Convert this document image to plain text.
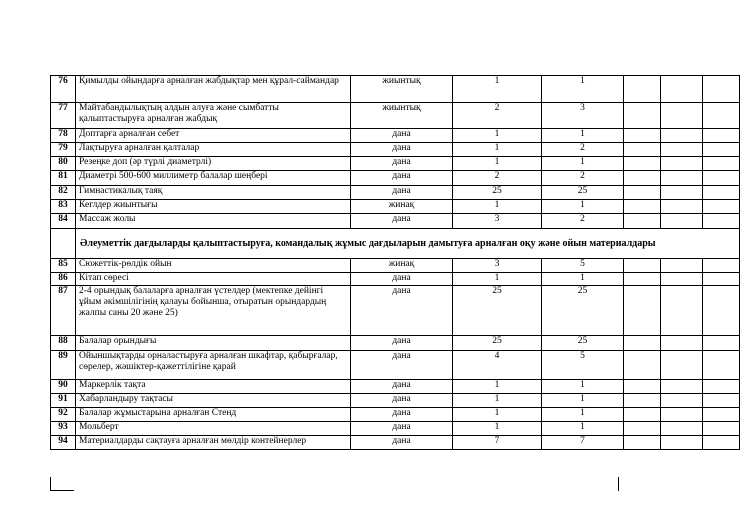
76	Қимылды ойындарға арналған жабдықтар мен құрал-саймандар	жиынтық	1	1			
77	Майтабандылықтың алдын алуға және сымбатты қалыптастыруға арналған жабдық	жиынтық	2	3			
78	Доптарға арналған себет	дана	1	1			
79	Лақтыруға арналған қалталар	дана	1	2			
80	Резеңке доп (әр түрлі диаметрлі)	дана	1	1			
81	Диаметрі 500-600 миллиметр балалар шеңбері	дана	2	2			
82	Гимнастикалық таяқ	дана	25	25			
83	Кеглдер жиынтығы	жинақ	1	1			
84	Массаж жолы	дана	3	2			
	Әлеуметтік дағдыларды қалыптастыруға, командалық жұмыс дағдыларын дамытуға арналған оқу және ойын материалдары						
85	Сюжеттік-рөлдік ойын	жинақ	3	5			
86	Кітап сөресі	дана	1	1			
87	2-4 орындық балаларға арналған үстелдер (мектепке дейінгі ұйым әкімшілігінің қалауы бойынша, отыратын орындардың жалпы саны 20 және 25)	дана	25	25			
88	Балалар орындығы	дана	25	25			
89	Ойыншықтарды орналастыруға арналған шкафтар, қабырғалар, сөрелер, жәшіктер-қажеттілігіне қарай	дана	4	5			
90	Маркерлік тақта	дана	1	1			
91	Хабарландыру тақтасы	дана	1	1			
92	Балалар жұмыстарына арналған Стенд	дана	1	1			
93	Мольберт	дана	1	1			
94	Материалдарды сақтауға арналған мөлдір контейнерлер	дана	7	7			
